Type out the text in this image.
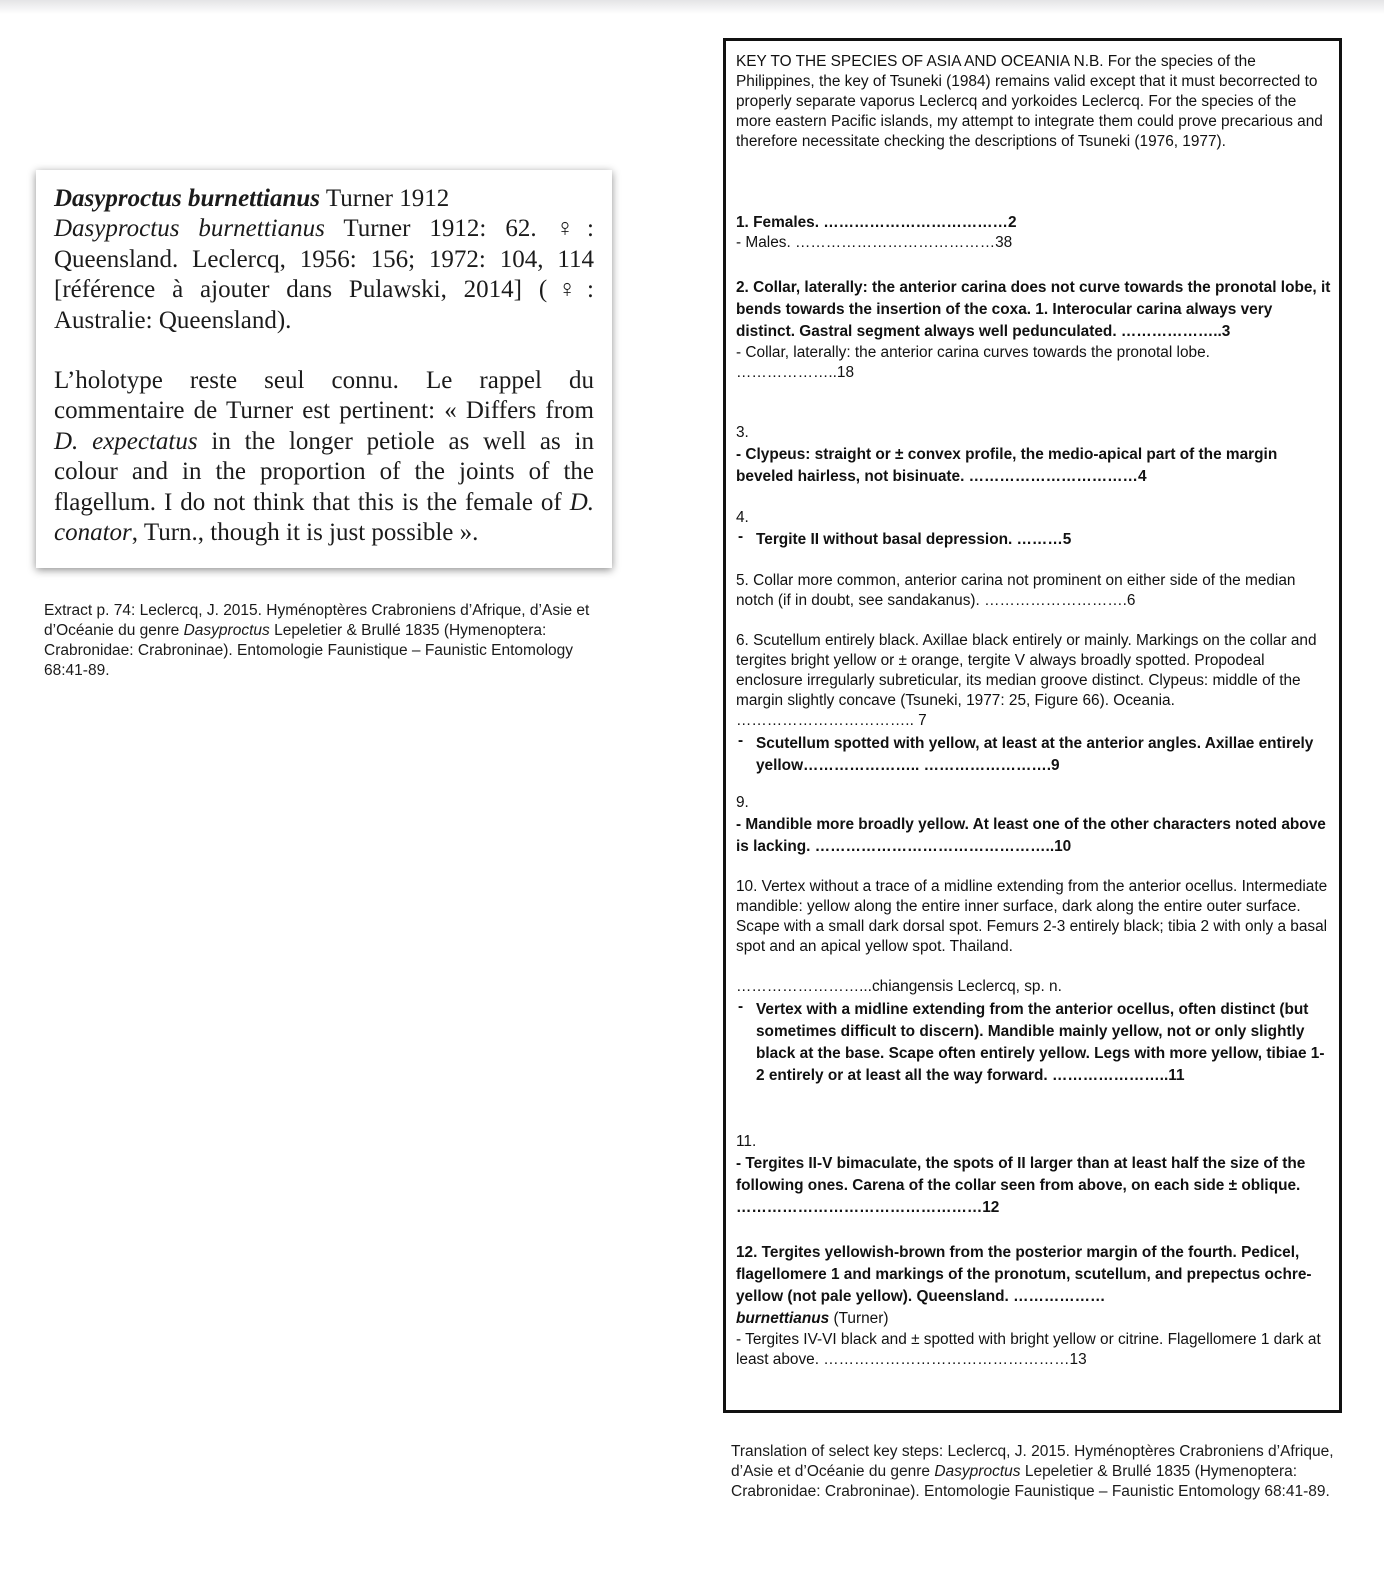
Dasyproctus burnettianus Turner 1912

Dasyproctus burnettianus Turner 1912: 62. ♀: Queensland. Leclercq, 1956: 156; 1972: 104, 114 [référence à ajouter dans Pulawski, 2014] (♀: Australie: Queensland).

L’holotype reste seul connu. Le rappel du commentaire de Turner est pertinent: « Differs from D. expectatus in the longer petiole as well as in colour and in the proportion of the joints of the flagellum. I do not think that this is the female of D. conator, Turn., though it is just possible ».

Extract p. 74: Leclercq, J. 2015. Hyménoptères Crabroniens d’Afrique, d’Asie et d’Océanie du genre Dasyproctus Lepeletier & Brullé 1835 (Hymenoptera: Crabronidae: Crabroninae). Entomologie Faunistique – Faunistic Entomology 68:41-89.
KEY TO THE SPECIES OF ASIA AND OCEANIA N.B. For the species of the Philippines, the key of Tsuneki (1984) remains valid except that it must becorrected to properly separate vaporus Leclercq and yorkoides Leclercq. For the species of the more eastern Pacific islands, my attempt to integrate them could prove precarious and therefore necessitate checking the descriptions of Tsuneki (1976, 1977).
1. Females. ………………………………2
- Males. …………………………………38
2. Collar, laterally: the anterior carina does not curve towards the pronotal lobe, it bends towards the insertion of the coxa. 1. Interocular carina always very distinct. Gastral segment always well pedunculated. ………………..3
- Collar, laterally: the anterior carina curves towards the pronotal lobe. ………………..18
3.
- Clypeus: straight or ± convex profile, the medio-apical part of the margin beveled hairless, not bisinuate. ……………………………4
4.
- Tergite II without basal depression. ………5
5. Collar more common, anterior carina not prominent on either side of the median notch (if in doubt, see sandakanus). ……………………….6
6. Scutellum entirely black. Axillae black entirely or mainly. Markings on the collar and tergites bright yellow or ± orange, tergite V always broadly spotted. Propodeal enclosure irregularly subreticular, its median groove distinct. Clypeus: middle of the margin slightly concave (Tsuneki, 1977: 25, Figure 66). Oceania. …………………………….. 7
- Scutellum spotted with yellow, at least at the anterior angles. Axillae entirely yellow………………….. …………………….9
9.
- Mandible more broadly yellow. At least one of the other characters noted above is lacking. ………………………………………..10
10. Vertex without a trace of a midline extending from the anterior ocellus. Intermediate mandible: yellow along the entire inner surface, dark along the entire outer surface. Scape with a small dark dorsal spot. Femurs 2-3 entirely black; tibia 2 with only a basal spot and an apical yellow spot. Thailand.
……………………...chiangensis Leclercq, sp. n.
- Vertex with a midline extending from the anterior ocellus, often distinct (but sometimes difficult to discern). Mandible mainly yellow, not or only slightly black at the base. Scape often entirely yellow. Legs with more yellow, tibiae 1-2 entirely or at least all the way forward. …………………..11
11.
- Tergites II-V bimaculate, the spots of II larger than at least half the size of the following ones. Carena of the collar seen from above, on each side ± oblique. …………………………………………12
12. Tergites yellowish-brown from the posterior margin of the fourth. Pedicel, flagellomere 1 and markings of the pronotum, scutellum, and prepectus ochre-yellow (not pale yellow). Queensland. ………………
burnettianus (Turner)
- Tergites IV-VI black and ± spotted with bright yellow or citrine. Flagellomere 1 dark at least above. …………………………………………13
Translation of select key steps: Leclercq, J. 2015. Hyménoptères Crabroniens d’Afrique, d’Asie et d’Océanie du genre Dasyproctus Lepeletier & Brullé 1835 (Hymenoptera: Crabronidae: Crabroninae). Entomologie Faunistique – Faunistic Entomology 68:41-89.
